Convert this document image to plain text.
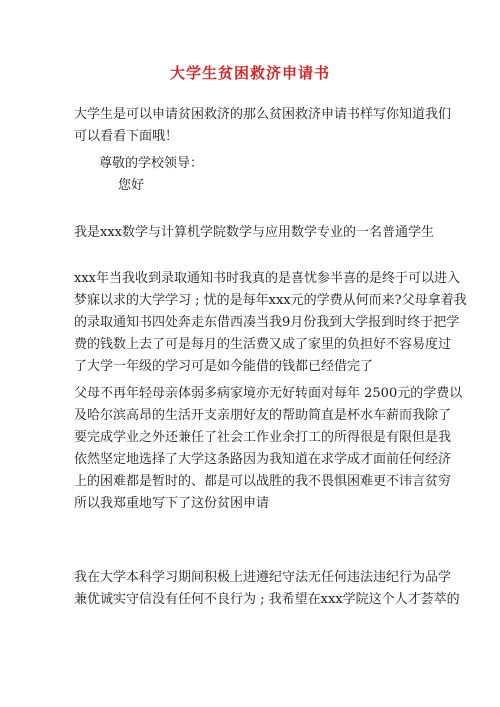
大学生贫困救济申请书

大学生是可以申请贫困救济的那么贫困救济申请书样写你知道我们
可以看看下面哦！

尊敬的学校领导：

您好

我是xxx数学与计算机学院数学与应用数学专业的一名普通学生

xxx年当我收到录取通知书时我真的是喜忧参半喜的是终于可以进入
梦寐以求的大学学习 ; 忧的是每年xxx元的学费从何而来?父母拿着我
的录取通知书四处奔走东借西凑当我9月份我到大学报到时终于把学
费的钱数上去了可是每月的生活费又成了家里的负担好不容易度过
了大学一年级的学习可是如今能借的钱都已经借完了

父母不再年轻母亲体弱多病家境亦无好转面对每年 2500元的学费以
及哈尔滨高昂的生活开支亲朋好友的帮助简直是杯水车薪而我除了
要完成学业之外还兼任了社会工作业余打工的所得很是有限但是我
依然坚定地选择了大学这条路因为我知道在求学成才面前任何经济
上的困难都是暂时的、都是可以战胜的我不畏惧困难更不讳言贫穷
所以我郑重地写下了这份贫困申请

我在大学本科学习期间积极上进遵纪守法无任何违法违纪行为品学
兼优诚实守信没有任何不良行为 ; 我希望在xxx学院这个人才荟萃的
